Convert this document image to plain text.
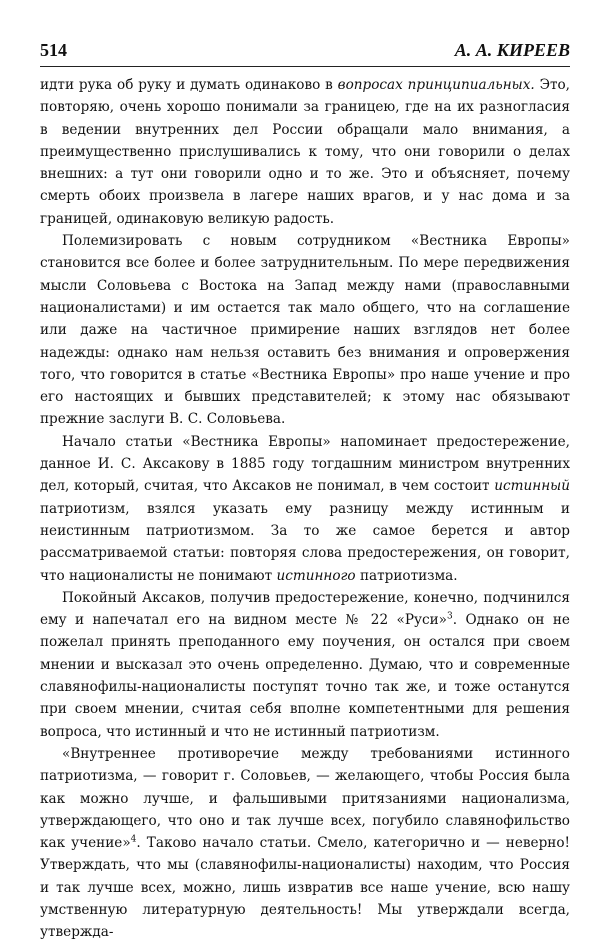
514	А. А. КИРЕЕВ

идти рука об руку и думать одинаково в вопросах принципиальных. Это, повторяю, очень хорошо понимали за границею, где на их разногласия в ведении внутренних дел России обращали мало внимания, а преимущественно прислушивались к тому, что они говорили о делах внешних: а тут они говорили одно и то же. Это и объясняет, почему смерть обоих произвела в лагере наших врагов, и у нас дома и за границей, одинаковую великую радость.

Полемизировать с новым сотрудником «Вестника Европы» становится все более и более затруднительным. По мере передвижения мысли Соловьева с Востока на Запад между нами (православными националистами) и им остается так мало общего, что на соглашение или даже на частичное примирение наших взглядов нет более надежды: однако нам нельзя оставить без внимания и опровержения того, что говорится в статье «Вестника Европы» про наше учение и про его настоящих и бывших представителей; к этому нас обязывают прежние заслуги В. С. Соловьева.

Начало статьи «Вестника Европы» напоминает предостережение, данное И. С. Аксакову в 1885 году тогдашним министром внутренних дел, который, считая, что Аксаков не понимал, в чем состоит истинный патриотизм, взялся указать ему разницу между истинным и неистинным патриотизмом. За то же самое берется и автор рассматриваемой статьи: повторяя слова предостережения, он говорит, что националисты не понимают истинного патриотизма.

Покойный Аксаков, получив предостережение, конечно, подчинился ему и напечатал его на видном месте № 22 «Руси»$^3$. Однако он не пожелал принять преподанного ему поучения, он остался при своем мнении и высказал это очень определенно. Думаю, что и современные славянофилы-националисты поступят точно так же, и тоже останутся при своем мнении, считая себя вполне компетентными для решения вопроса, что истинный и что не истинный патриотизм.

«Внутреннее противоречие между требованиями истинного патриотизма, — говорит г. Соловьев, — желающего, чтобы Россия была как можно лучше, и фальшивыми притязаниями национализма, утверждающего, что оно и так лучше всех, погубило славянофильство как учение»$^4$. Таково начало статьи. Смело, категорично и — неверно! Утверждать, что мы (славянофилы-националисты) находим, что Россия и так лучше всех, можно, лишь извратив все наше учение, всю нашу умственную литературную деятельность! Мы утверждали всегда, утвержда-
